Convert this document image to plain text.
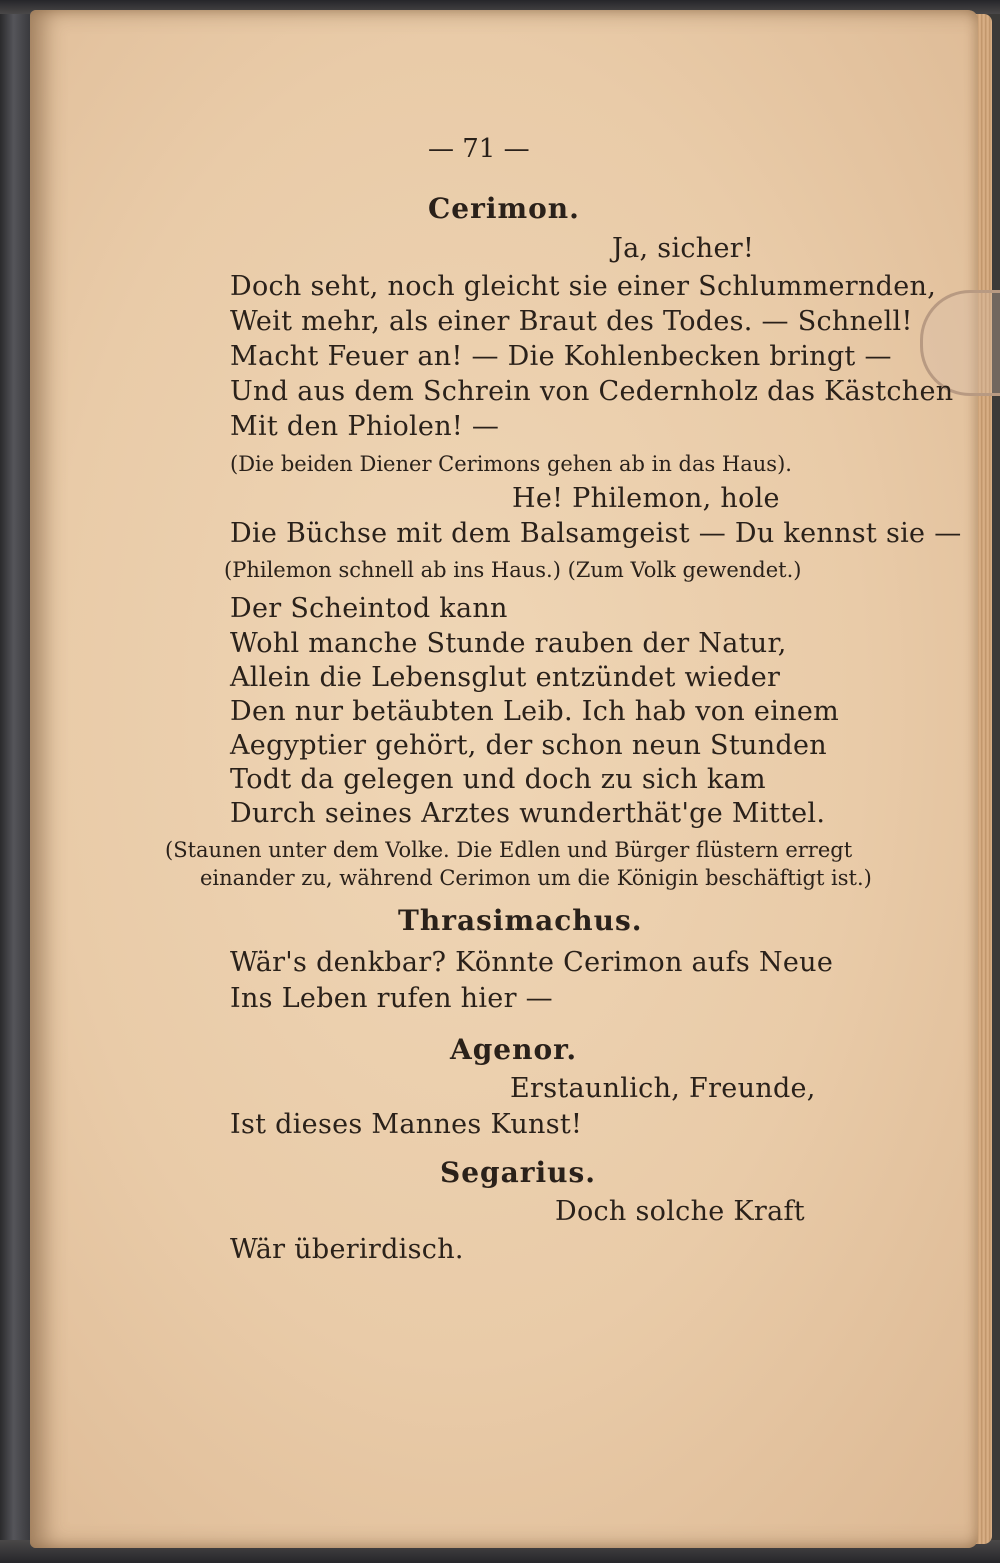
— 71 —
Cerimon.
Ja, sicher!
Doch seht, noch gleicht sie einer Schlummernden,
Weit mehr, als einer Braut des Todes. — Schnell!
Macht Feuer an! — Die Kohlenbecken bringt —
Und aus dem Schrein von Cedernholz das Kästchen
Mit den Phiolen! —
(Die beiden Diener Cerimons gehen ab in das Haus).
He! Philemon, hole
Die Büchse mit dem Balsamgeist — Du kennst sie —
(Philemon schnell ab ins Haus.) (Zum Volk gewendet.)
Der Scheintod kann
Wohl manche Stunde rauben der Natur,
Allein die Lebensglut entzündet wieder
Den nur betäubten Leib. Ich hab von einem
Aegyptier gehört, der schon neun Stunden
Todt da gelegen und doch zu sich kam
Durch seines Arztes wunderthät'ge Mittel.
(Staunen unter dem Volke. Die Edlen und Bürger flüstern erregt
einander zu, während Cerimon um die Königin beschäftigt ist.)
Thrasimachus.
Wär's denkbar? Könnte Cerimon aufs Neue
Ins Leben rufen hier —
Agenor.
Erstaunlich, Freunde,
Ist dieses Mannes Kunst!
Segarius.
Doch solche Kraft
Wär überirdisch.
